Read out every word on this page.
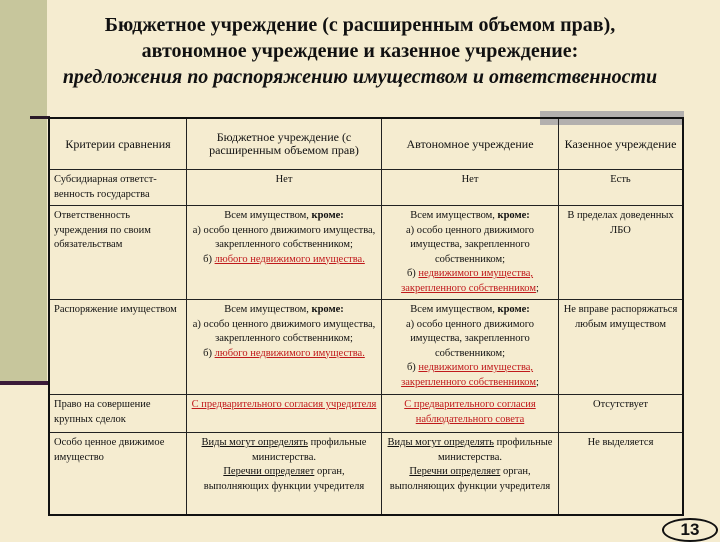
Бюджетное учреждение (с расширенным объемом прав),
автономное учреждение и казенное учреждение:
предложения по распоряжению имуществом и ответственности
Критерии сравнения	Бюджетное учреждение (с расширенным объемом прав)	Автономное учреждение	Казенное учреждение
Субсидиарная ответст- венность государства	Нет	Нет	Есть
Ответственность учреждения по своим обязательствам	Всем имуществом, кроме:
а) особо ценного движимого имущества, закрепленного собственником;
б) любого недвижимого имущества.	Всем имуществом, кроме:
а) особо ценного движимого имущества, закрепленного собственником;
б) недвижимого имущества, закрепленного собственником;	В пределах доведенных ЛБО
Распоряжение имуществом	Всем имуществом, кроме:
а) особо ценного движимого имущества, закрепленного собственником;
б) любого недвижимого имущества.	Всем имуществом, кроме:
а) особо ценного движимого имущества, закрепленного собственником;
б) недвижимого имущества, закрепленного собственником;	Не вправе распоряжаться любым имуществом
Право на совершение крупных сделок	С предварительного согласия учредителя	С предварительного согласия наблюдательного совета	Отсутствует
Особо ценное движимое имущество	Виды могут определять профильные министерства.
Перечни определяет орган, выполняющих функции учредителя	Виды могут определять профильные министерства.
Перечни определяет орган, выполняющих функции учредителя	Не выделяется
13
